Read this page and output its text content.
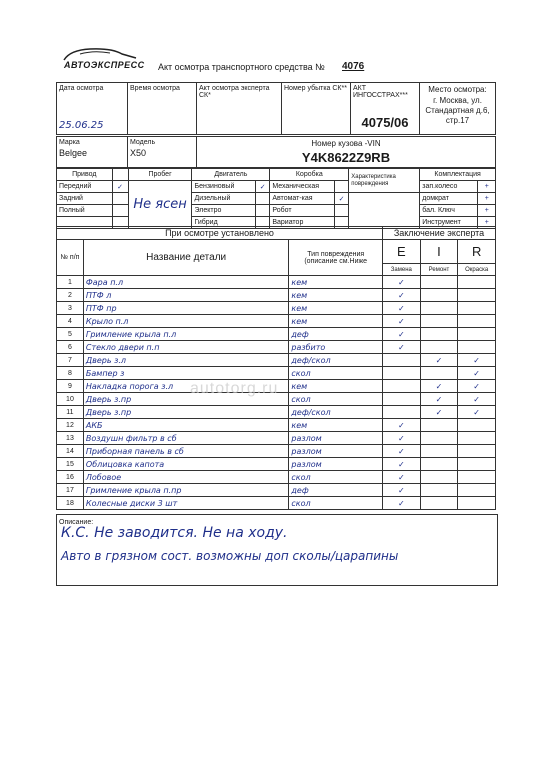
АВТОЭКСПРЕСС Акт осмотра транспортного средства № 4076
Дата осмотра
25.06.25

Время осмотра	Акт осмотра эксперта СК*

Номер убытка СК**	АКТ ИНГОССТРАХ***
4075/06

Место осмотра:
г. Москва, ул. Стандартная д.6, стр.17
Марка
Belgee

Модель
X50

Номер кузова -VIN
Y4K8622Z9RB
Привод		Пробег	Двигатель		Коробка		Характеристика повреждения	Комплектация	
Передний	✓	Не ясен	Бензиновый	✓	Механическая			зап.колесо	+
Задний			Дизельный		Автомат-кая	✓		домкрат	+
Полный			Электро		Робот			бал. Ключ	+
			Гибрид		Вариатор			Инструмент	+
При осмотре установлено			Заключение эксперта		
№ п/п	Название детали	Тип повреждения (описание см.Ниже	E	I	R
			Замена	Ремонт	Окраска
1	Фара п.л	кем	✓		
2	ПТФ л	кем	✓		
3	ПТФ пр	кем	✓		
4	Крыло п.л	кем	✓		
5	Гримление крыла п.л	деф	✓		
6	Стекло двери п.п	разбито	✓		
7	Дверь з.л	деф/скол		✓	✓
8	Бампер з	скол			✓
9	Накладка порога з.л	кем		✓	✓
10	Дверь з.пр	скол		✓	✓
11	Дверь з.пр	деф/скол		✓	✓
12	АКБ	кем	✓		
13	Воздушн фильтр в сб	разлом	✓		
14	Приборная панель в сб	разлом	✓		
15	Облицовка капота	разлом	✓		
16	Лобовое	скол	✓		
17	Гримление крыла п.пр	деф	✓		
18	Колесные диски 3 шт	скол	✓		
Описание:
К.С. Не заводится. Не на ходу.
Авто в грязном сост. возможны доп сколы/царапины
autotorg.ru
